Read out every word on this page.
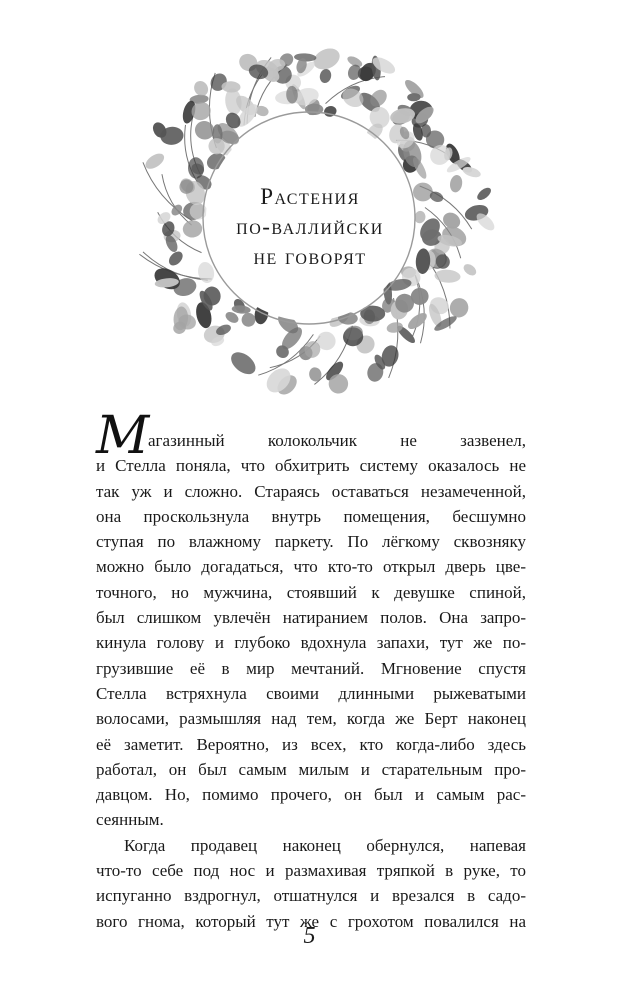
Растения
по-валлийски
не говорят
М
агазинный колокольчик не зазвенел,
и Стелла поняла, что обхитрить систему оказалось не
так уж и сложно. Стараясь оставаться незамеченной,
она проскользнула внутрь помещения, бесшумно
ступая по влажному паркету. По лёгкому сквозняку
можно было догадаться, что кто-то открыл дверь цве-
точного, но мужчина, стоявший к девушке спиной,
был слишком увлечён натиранием полов. Она запро-
кинула голову и глубоко вдохнула запахи, тут же по-
грузившие её в мир мечтаний. Мгновение спустя
Стелла встряхнула своими длинными рыжеватыми
волосами, размышляя над тем, когда же Берт наконец
её заметит. Вероятно, из всех, кто когда-либо здесь
работал, он был самым милым и старательным про-
давцом. Но, помимо прочего, он был и самым рас-
сеянным.
Когда продавец наконец обернулся, напевая
что-то себе под нос и размахивая тряпкой в руке, то
испуганно вздрогнул, отшатнулся и врезался в садо-
вого гнома, который тут же с грохотом повалился на
5
